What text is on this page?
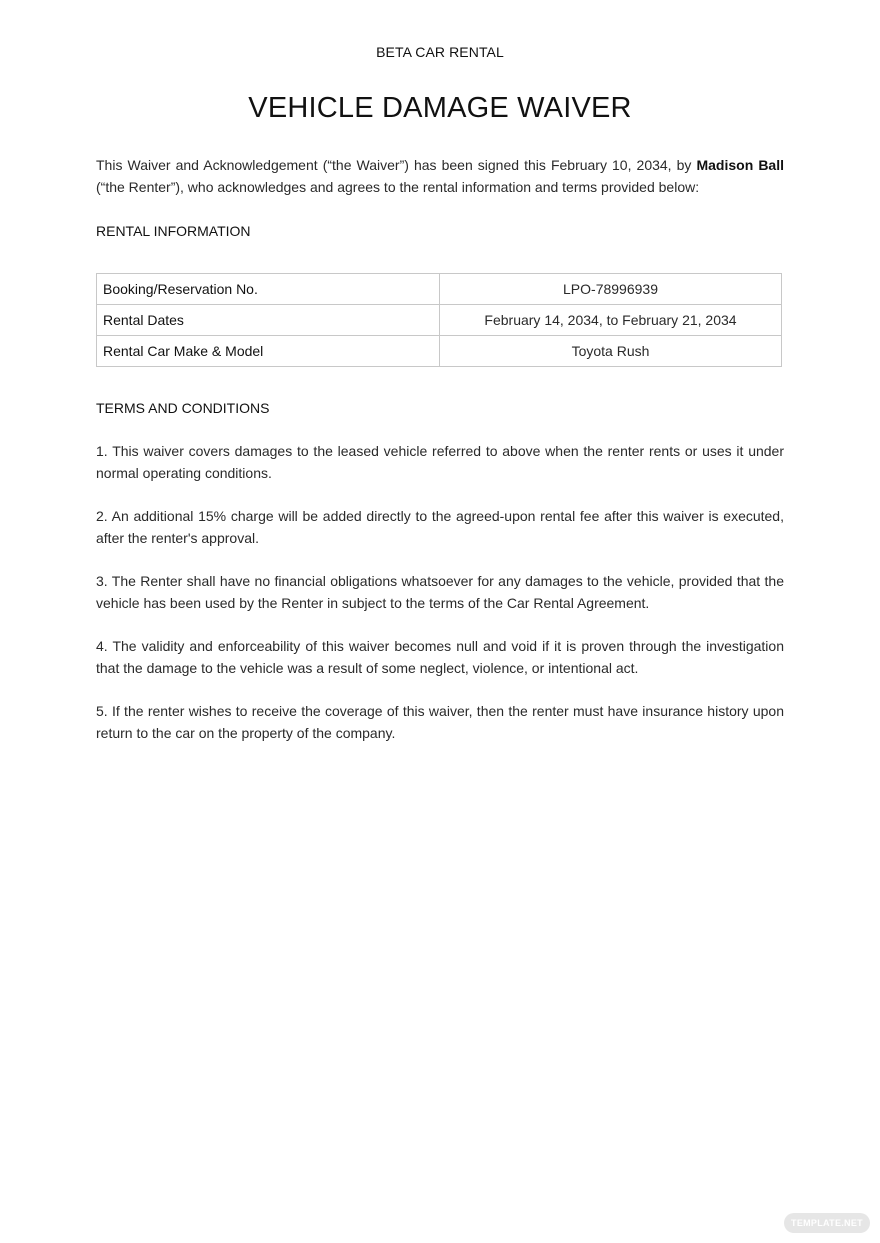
BETA CAR RENTAL
VEHICLE DAMAGE WAIVER

This Waiver and Acknowledgement (“the Waiver”) has been signed this February 10, 2034, by Madison Ball (“the Renter”), who acknowledges and agrees to the rental information and terms provided below:

RENTAL INFORMATION

Booking/Reservation No.	LPO-78996939
Rental Dates	February 14, 2034, to February 21, 2034
Rental Car Make & Model	Toyota Rush

TERMS AND CONDITIONS

1. This waiver covers damages to the leased vehicle referred to above when the renter rents or uses it under normal operating conditions.

2. An additional 15% charge will be added directly to the agreed-upon rental fee after this waiver is executed, after the renter's approval.

3. The Renter shall have no financial obligations whatsoever for any damages to the vehicle, provided that the vehicle has been used by the Renter in subject to the terms of the Car Rental Agreement.

4. The validity and enforceability of this waiver becomes null and void if it is proven through the investigation that the damage to the vehicle was a result of some neglect, violence, or intentional act.

5. If the renter wishes to receive the coverage of this waiver, then the renter must have insurance history upon return to the car on the property of the company.

TEMPLATE.NET
